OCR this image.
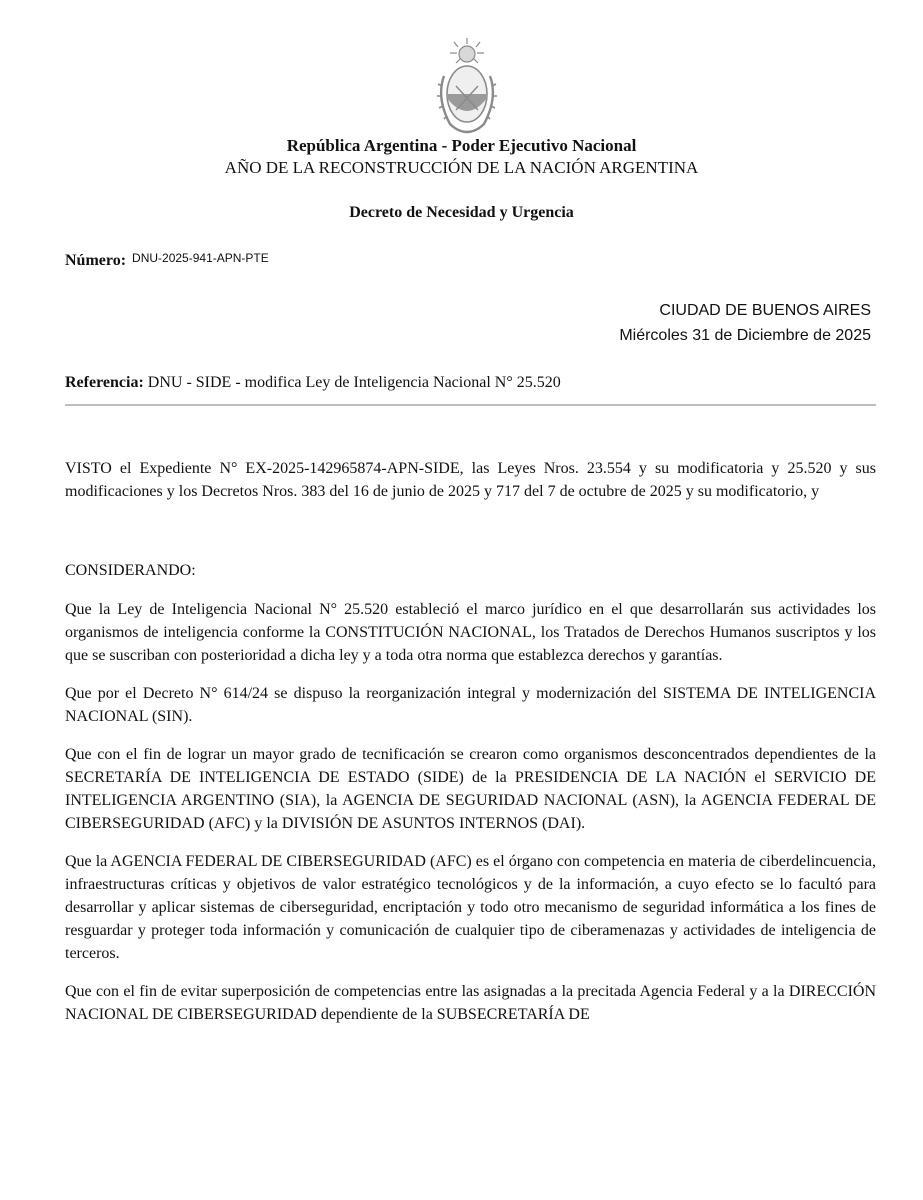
República Argentina - Poder Ejecutivo Nacional
AÑO DE LA RECONSTRUCCIÓN DE LA NACIÓN ARGENTINA
Decreto de Necesidad y Urgencia
Número: DNU-2025-941-APN-PTE
CIUDAD DE BUENOS AIRES
Miércoles 31 de Diciembre de 2025
Referencia: DNU - SIDE - modifica Ley de Inteligencia Nacional N° 25.520

VISTO el Expediente N° EX-2025-142965874-APN-SIDE, las Leyes Nros. 23.554 y su modificatoria y 25.520 y sus modificaciones y los Decretos Nros. 383 del 16 de junio de 2025 y 717 del 7 de octubre de 2025 y su modificatorio, y

CONSIDERANDO:

Que la Ley de Inteligencia Nacional N° 25.520 estableció el marco jurídico en el que desarrollarán sus actividades los organismos de inteligencia conforme la CONSTITUCIÓN NACIONAL, los Tratados de Derechos Humanos suscriptos y los que se suscriban con posterioridad a dicha ley y a toda otra norma que establezca derechos y garantías.

Que por el Decreto N° 614/24 se dispuso la reorganización integral y modernización del SISTEMA DE INTELIGENCIA NACIONAL (SIN).

Que con el fin de lograr un mayor grado de tecnificación se crearon como organismos desconcentrados dependientes de la SECRETARÍA DE INTELIGENCIA DE ESTADO (SIDE) de la PRESIDENCIA DE LA NACIÓN el SERVICIO DE INTELIGENCIA ARGENTINO (SIA), la AGENCIA DE SEGURIDAD NACIONAL (ASN), la AGENCIA FEDERAL DE CIBERSEGURIDAD (AFC) y la DIVISIÓN DE ASUNTOS INTERNOS (DAI).

Que la AGENCIA FEDERAL DE CIBERSEGURIDAD (AFC) es el órgano con competencia en materia de ciberdelincuencia, infraestructuras críticas y objetivos de valor estratégico tecnológicos y de la información, a cuyo efecto se lo facultó para desarrollar y aplicar sistemas de ciberseguridad, encriptación y todo otro mecanismo de seguridad informática a los fines de resguardar y proteger toda información y comunicación de cualquier tipo de ciberamenazas y actividades de inteligencia de terceros.

Que con el fin de evitar superposición de competencias entre las asignadas a la precitada Agencia Federal y a la DIRECCIÓN NACIONAL DE CIBERSEGURIDAD dependiente de la SUBSECRETARÍA DE
